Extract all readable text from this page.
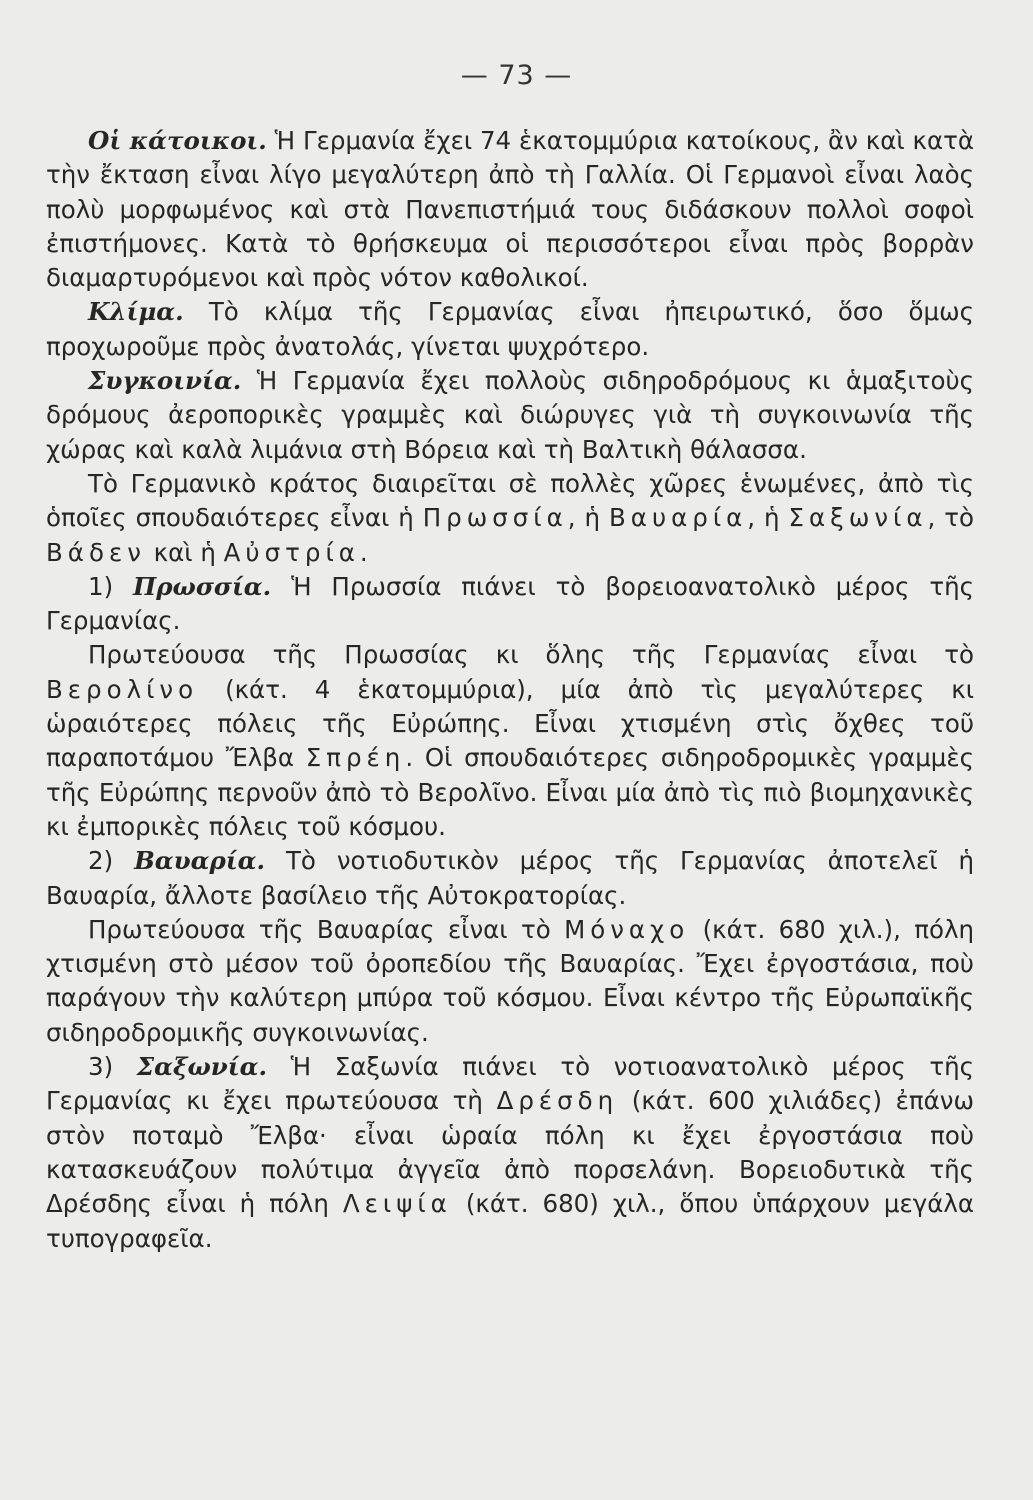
— 73 —

Οἱ κάτοικοι. Ἡ Γερμανία ἔχει 74 ἑκατομμύρια κατοίκους, ἂν καὶ κατὰ τὴν ἔκταση εἶναι λίγο μεγαλύτερη ἀπὸ τὴ Γαλλία. Οἱ Γερμανοὶ εἶναι λαὸς πολὺ μορφωμένος καὶ στὰ Πανεπιστήμιά τους διδάσκουν πολλοὶ σοφοὶ ἐπιστήμονες. Κατὰ τὸ θρήσκευμα οἱ περισσότεροι εἶναι πρὸς βορρὰν διαμαρτυρόμενοι καὶ πρὸς νότον καθολικοί.

Κλίμα. Τὸ κλίμα τῆς Γερμανίας εἶναι ἠπειρωτικό, ὅσο ὅμως προχωροῦμε πρὸς ἀνατολάς, γίνεται ψυχρότερο.

Συγκοινία. Ἡ Γερμανία ἔχει πολλοὺς σιδηροδρόμους κι ἁμαξιτοὺς δρόμους ἀεροπορικὲς γραμμὲς καὶ διώρυγες γιὰ τὴ συγκοινωνία τῆς χώρας καὶ καλὰ λιμάνια στὴ Βόρεια καὶ τὴ Βαλτικὴ θάλασσα.

Τὸ Γερμανικὸ κράτος διαιρεῖται σὲ πολλὲς χῶρες ἑνωμένες, ἀπὸ τὶς ὁποῖες σπουδαιότερες εἶναι ἡ Πρωσσία, ἡ Βαυαρία, ἡ Σαξωνία, τὸ Βάδεν καὶ ἡ Αὐστρία.

1) Πρωσσία. Ἡ Πρωσσία πιάνει τὸ βορειοανατολικὸ μέρος τῆς Γερμανίας.

Πρωτεύουσα τῆς Πρωσσίας κι ὅλης τῆς Γερμανίας εἶναι τὸ Βερολίνο (κάτ. 4 ἑκατομμύρια), μία ἀπὸ τὶς μεγαλύτερες κι ὡραιότερες πόλεις τῆς Εὐρώπης. Εἶναι χτισμένη στὶς ὄχθες τοῦ παραποτάμου Ἔλβα Σπρέη. Οἱ σπουδαιότερες σιδηροδρομικὲς γραμμὲς τῆς Εὐρώπης περνοῦν ἀπὸ τὸ Βερολῖνο. Εἶναι μία ἀπὸ τὶς πιὸ βιομηχανικὲς κι ἐμπορικὲς πόλεις τοῦ κόσμου.

2) Βαυαρία. Τὸ νοτιοδυτικὸν μέρος τῆς Γερμανίας ἀποτελεῖ ἡ Βαυαρία, ἄλλοτε βασίλειο τῆς Αὐτοκρατορίας.

Πρωτεύουσα τῆς Βαυαρίας εἶναι τὸ Μόναχο (κάτ. 680 χιλ.), πόλη χτισμένη στὸ μέσον τοῦ ὀροπεδίου τῆς Βαυαρίας. Ἔχει ἐργοστάσια, ποὺ παράγουν τὴν καλύτερη μπύρα τοῦ κόσμου. Εἶναι κέντρο τῆς Εὐρωπαϊκῆς σιδηροδρομικῆς συγκοινωνίας.

3) Σαξωνία. Ἡ Σαξωνία πιάνει τὸ νοτιοανατολικὸ μέρος τῆς Γερμανίας κι ἔχει πρωτεύουσα τὴ Δρέσδη (κάτ. 600 χιλιάδες) ἐπάνω στὸν ποταμὸ Ἔλβα· εἶναι ὡραία πόλη κι ἔχει ἐργοστάσια ποὺ κατασκευάζουν πολύτιμα ἀγγεῖα ἀπὸ πορσελάνη. Βορειοδυτικὰ τῆς Δρέσδης εἶναι ἡ πόλη Λειψία (κάτ. 680) χιλ., ὅπου ὑπάρχουν μεγάλα τυπογραφεῖα.
